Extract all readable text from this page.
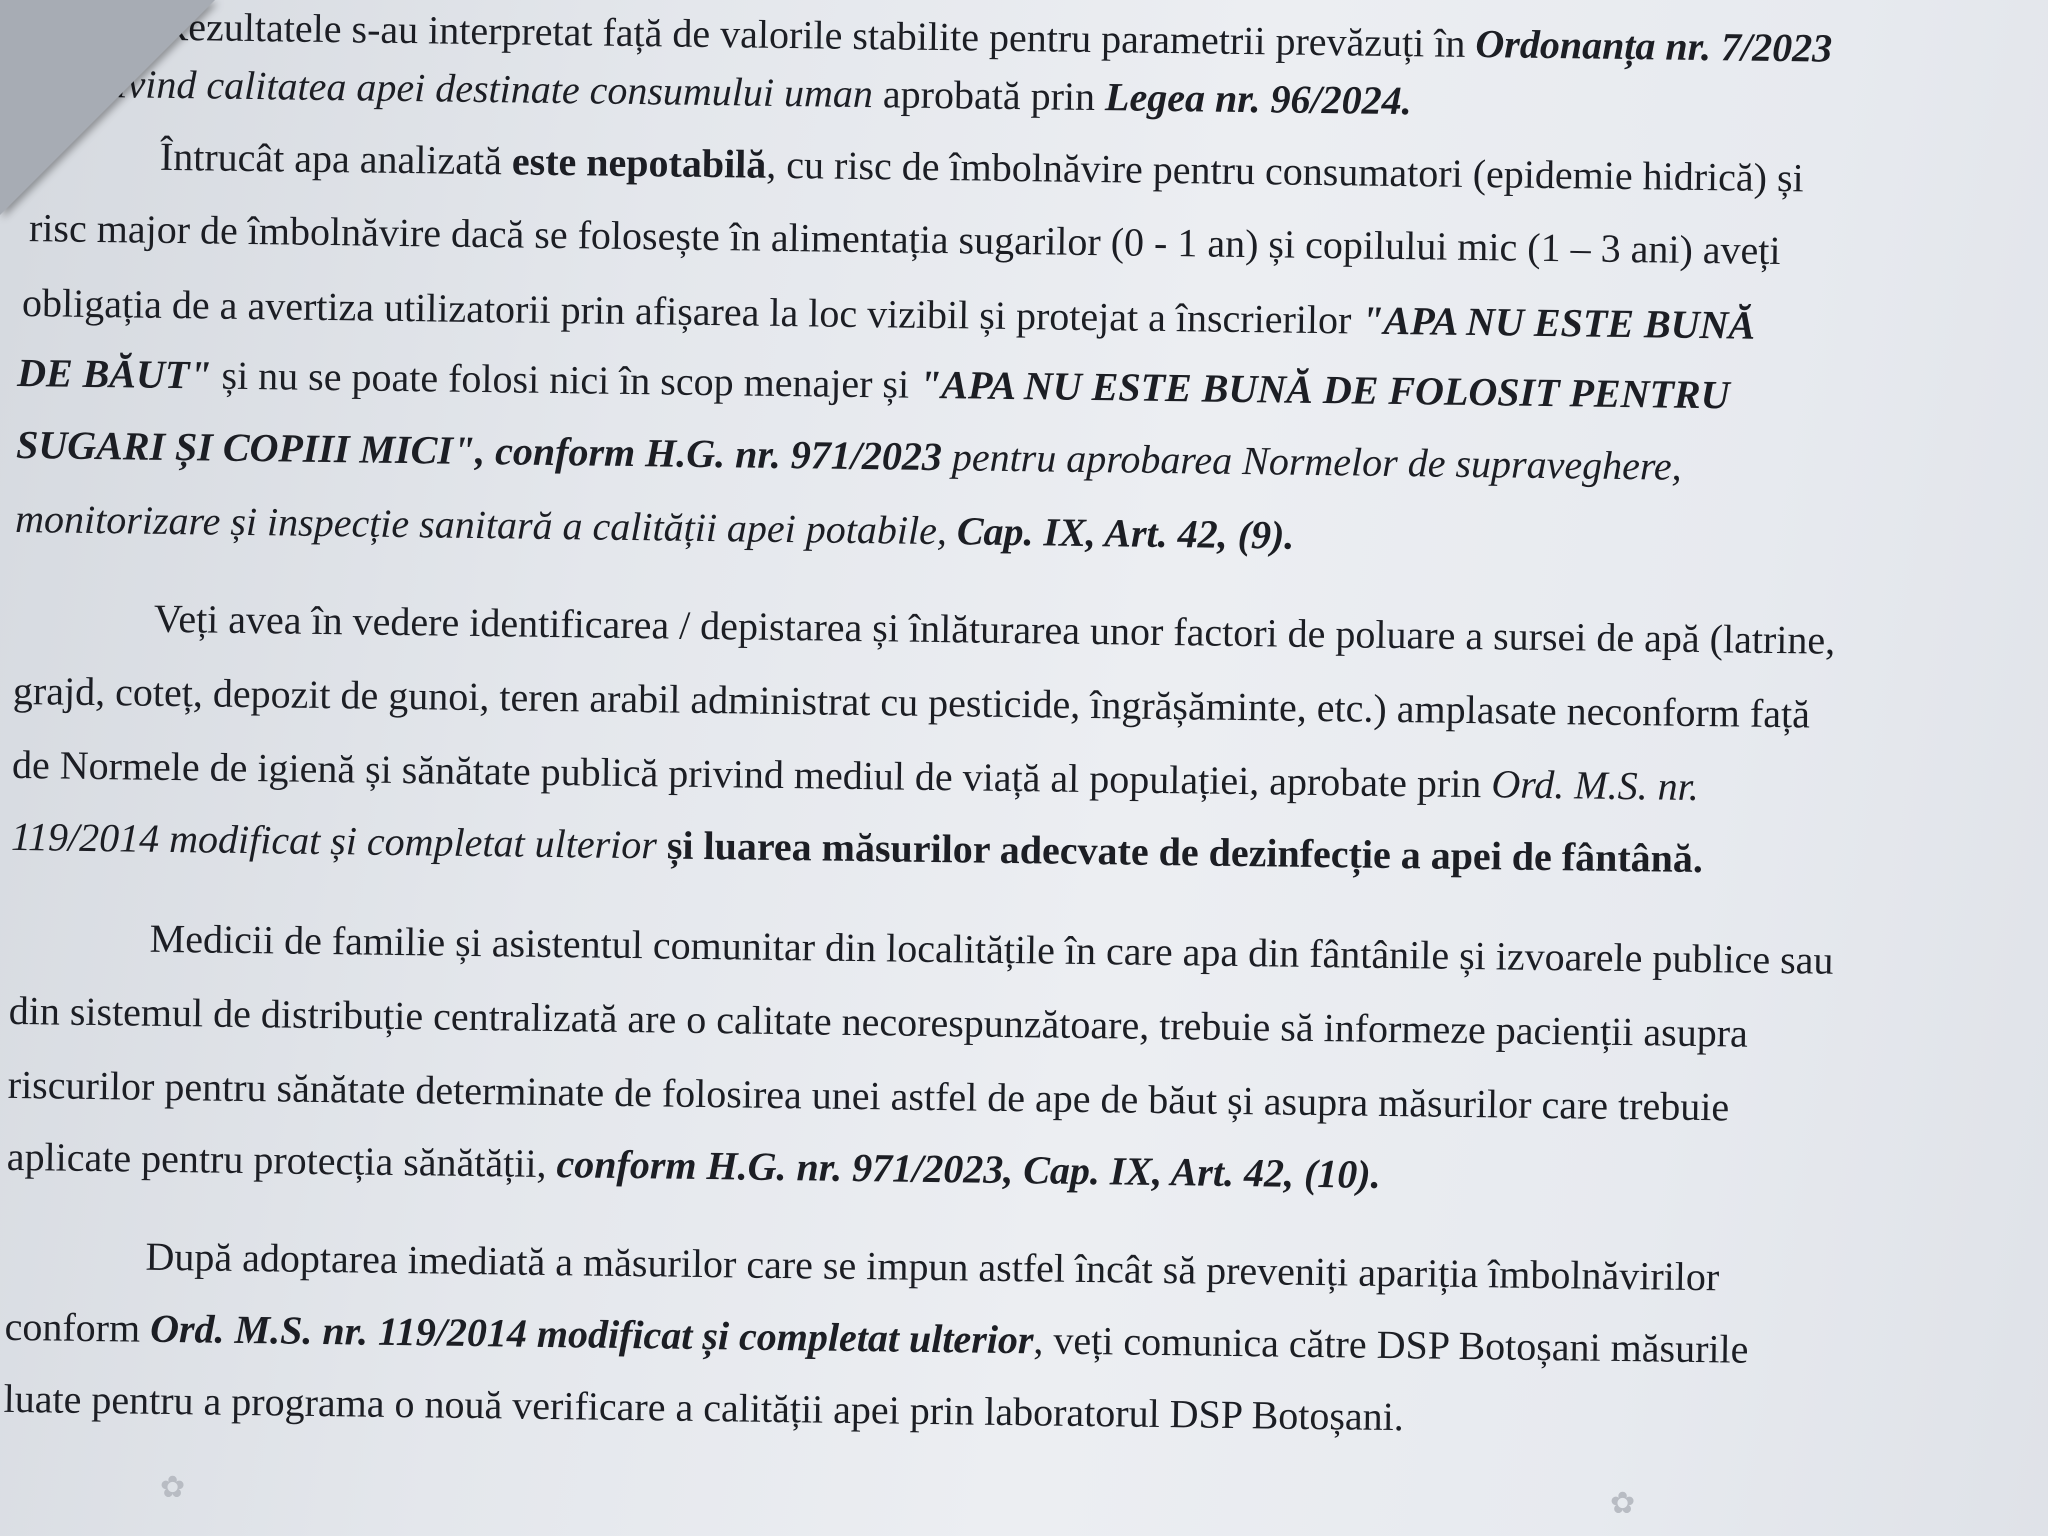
Rezultatele s-au interpretat față de valorile stabilite pentru parametrii prevăzuți în Ordonanța nr. 7/2023
privind calitatea apei destinate consumului uman aprobată prin Legea nr. 96/2024.
Întrucât apa analizată este nepotabilă, cu risc de îmbolnăvire pentru consumatori (epidemie hidrică) și
risc major de îmbolnăvire dacă se folosește în alimentația sugarilor (0 - 1 an) și copilului mic (1 – 3 ani) aveți
obligația de a avertiza utilizatorii prin afișarea la loc vizibil și protejat a înscrierilor "APA NU ESTE BUNĂ
DE BĂUT" și nu se poate folosi nici în scop menajer și "APA NU ESTE BUNĂ DE FOLOSIT PENTRU
SUGARI ȘI COPIII MICI", conform H.G. nr. 971/2023 pentru aprobarea Normelor de supraveghere,
monitorizare și inspecție sanitară a calității apei potabile, Cap. IX, Art. 42, (9).
Veți avea în vedere identificarea / depistarea și înlăturarea unor factori de poluare a sursei de apă (latrine,
grajd, coteț, depozit de gunoi, teren arabil administrat cu pesticide, îngrășăminte, etc.) amplasate neconform față
de Normele de igienă și sănătate publică privind mediul de viață al populației, aprobate prin Ord. M.S. nr.
119/2014 modificat și completat ulterior și luarea măsurilor adecvate de dezinfecție a apei de fântână.
Medicii de familie și asistentul comunitar din localitățile în care apa din fântânile și izvoarele publice sau
din sistemul de distribuție centralizată are o calitate necorespunzătoare, trebuie să informeze pacienții asupra
riscurilor pentru sănătate determinate de folosirea unei astfel de ape de băut și asupra măsurilor care trebuie
aplicate pentru protecția sănătății, conform H.G. nr. 971/2023, Cap. IX, Art. 42, (10).
După adoptarea imediată a măsurilor care se impun astfel încât să preveniți apariția îmbolnăvirilor
conform Ord. M.S. nr. 119/2014 modificat și completat ulterior, veți comunica către DSP Botoșani măsurile
luate pentru a programa o nouă verificare a calității apei prin laboratorul DSP Botoșani.
✿	✿
